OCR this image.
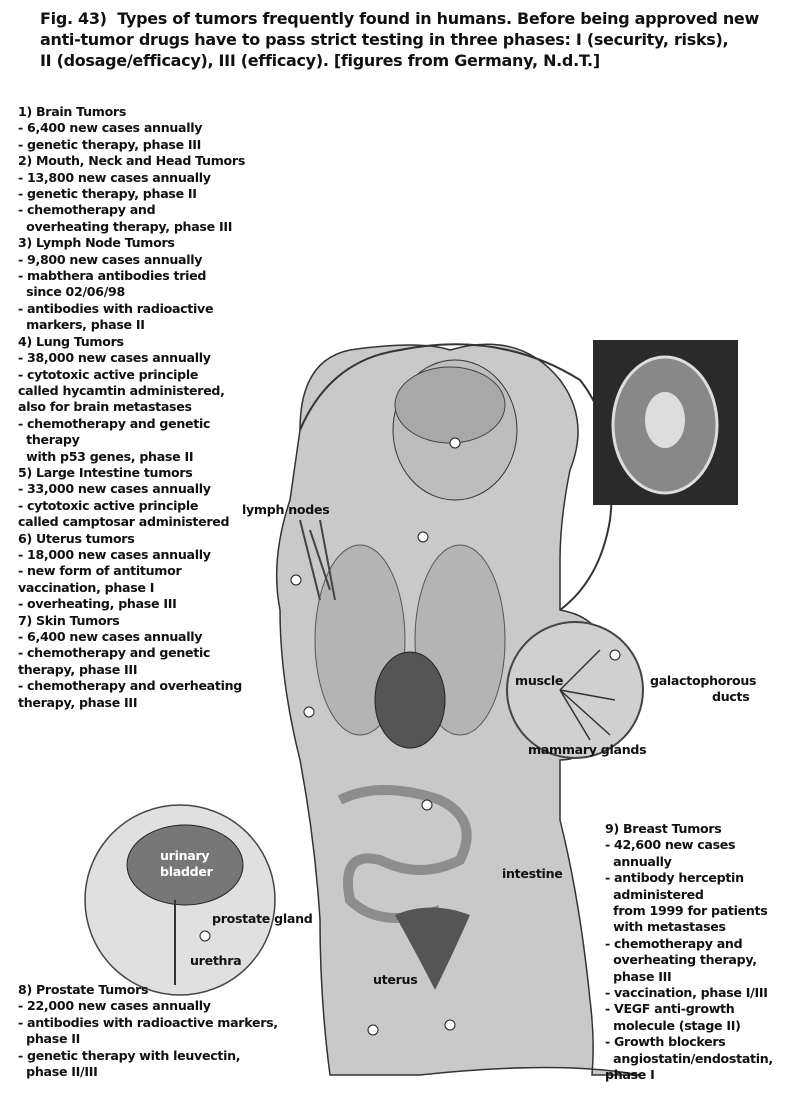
Fig. 43)  Types of tumors frequently found in humans. Before being approved new
anti-tumor drugs have to pass strict testing in three phases: I (security, risks),
II (dosage/efficacy), III (efficacy). [figures from Germany, N.d.T.]
1) Brain Tumors
- 6,400 new cases annually
- genetic therapy, phase III
2) Mouth, Neck and Head Tumors
- 13,800 new cases annually
- genetic therapy, phase II
- chemotherapy and
overheating therapy, phase III
3) Lymph Node Tumors
- 9,800 new cases annually
- mabthera antibodies tried
since 02/06/98
- antibodies with radioactive
markers, phase II
4) Lung Tumors
- 38,000 new cases annually
- cytotoxic active principle
called hycamtin administered,
also for brain metastases
- chemotherapy and genetic
therapy
with p53 genes, phase II
5) Large Intestine tumors
- 33,000 new cases annually
- cytotoxic active principle
called camptosar administered
6) Uterus tumors
- 18,000 new cases annually
- new form of antitumor
vaccination, phase I
- overheating, phase III
7) Skin Tumors
- 6,400 new cases annually
- chemotherapy and genetic
therapy, phase III
- chemotherapy and overheating
therapy, phase III
8) Prostate Tumors
- 22,000 new cases annually
- antibodies with radioactive markers,
phase II
- genetic therapy with leuvectin,
phase II/III
9) Breast Tumors
- 42,600 new cases
annually
- antibody herceptin
administered
from 1999 for patients
with metastases
- chemotherapy and
overheating therapy,
phase III
- vaccination, phase I/III
- VEGF anti-growth
molecule (stage II)
- Growth blockers
angiostatin/endostatin,
phase I
lymph nodes
muscle	galactophorous
ducts
mammary glands
intestine
uterus
urinary
bladder
prostate gland
urethra
